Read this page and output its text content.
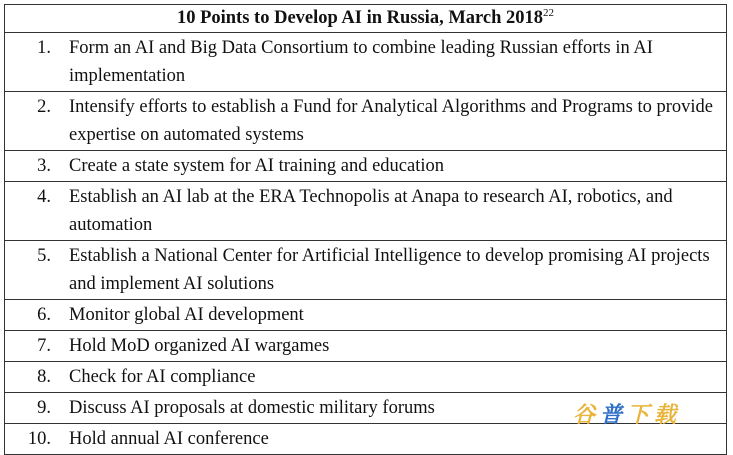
10 Points to Develop AI in Russia, March 2018$^{22}$

1. Form an AI and Big Data Consortium to combine leading Russian efforts in AI implementation

2. Intensify efforts to establish a Fund for Analytical Algorithms and Programs to provide expertise on automated systems

3. Create a state system for AI training and education

4. Establish an AI lab at the ERA Technopolis at Anapa to research AI, robotics, and automation

5. Establish a National Center for Artificial Intelligence to develop promising AI projects and implement AI solutions

6. Monitor global AI development

7. Hold MoD organized AI wargames

8. Check for AI compliance

9. Discuss AI proposals at domestic military forums

10. Hold annual AI conference
谷 普 下 载
